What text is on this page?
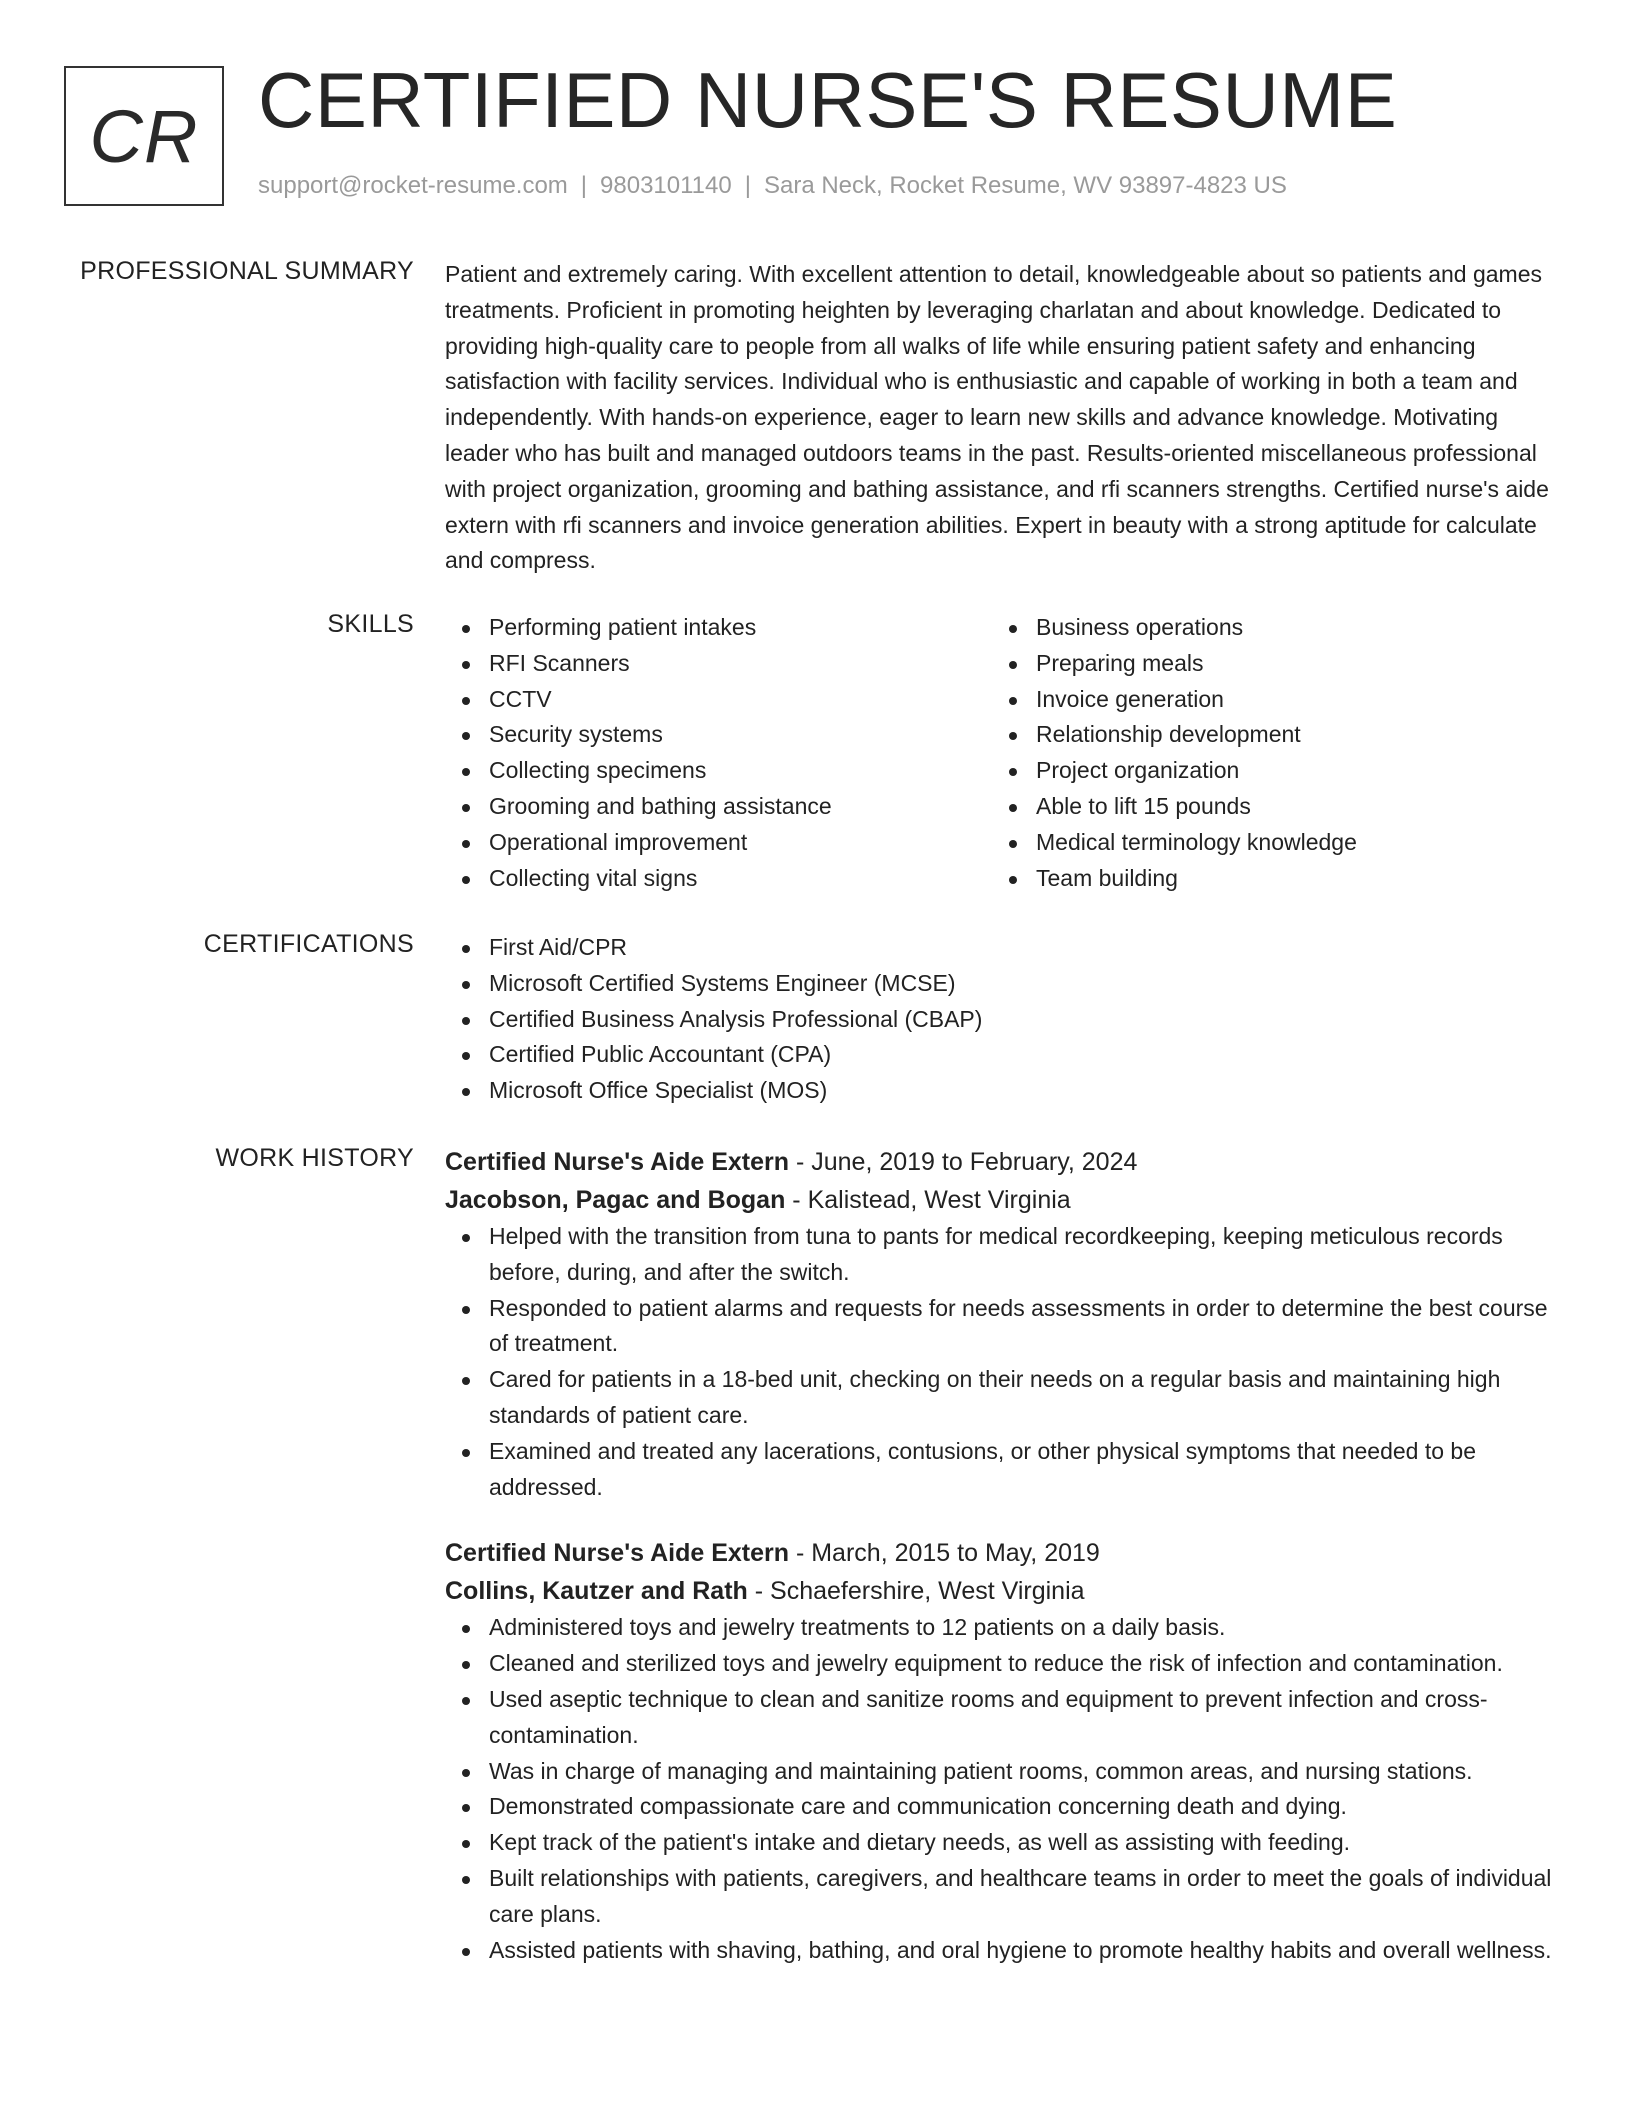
CR CERTIFIED NURSE'S RESUME
support@rocket-resume.com | 9803101140 | Sara Neck, Rocket Resume, WV 93897-4823 US
PROFESSIONAL SUMMARY Patient and extremely caring. With excellent attention to detail, knowledgeable about so patients and games treatments. Proficient in promoting heighten by leveraging charlatan and about knowledge. Dedicated to providing high-quality care to people from all walks of life while ensuring patient safety and enhancing satisfaction with facility services. Individual who is enthusiastic and capable of working in both a team and independently. With hands-on experience, eager to learn new skills and advance knowledge. Motivating leader who has built and managed outdoors teams in the past. Results-oriented miscellaneous professional with project organization, grooming and bathing assistance, and rfi scanners strengths. Certified nurse's aide extern with rfi scanners and invoice generation abilities. Expert in beauty with a strong aptitude for calculate and compress.

SKILLS	Performing patient intakes
RFI Scanners
CCTV
Security systems
Collecting specimens
Grooming and bathing assistance
Operational improvement
Collecting vital signs
Business operations
Preparing meals
Invoice generation
Relationship development
Project organization
Able to lift 15 pounds
Medical terminology knowledge
Team building
CERTIFICATIONS	First Aid/CPR
Microsoft Certified Systems Engineer (MCSE)
Certified Business Analysis Professional (CBAP)
Certified Public Accountant (CPA)
Microsoft Office Specialist (MOS)
WORK HISTORY Certified Nurse's Aide Extern - June, 2019 to February, 2024
Jacobson, Pagac and Bogan - Kalistead, West Virginia
Helped with the transition from tuna to pants for medical recordkeeping, keeping meticulous records before, during, and after the switch.
Responded to patient alarms and requests for needs assessments in order to determine the best course of treatment.
Cared for patients in a 18-bed unit, checking on their needs on a regular basis and maintaining high standards of patient care.
Examined and treated any lacerations, contusions, or other physical symptoms that needed to be addressed.
Certified Nurse's Aide Extern - March, 2015 to May, 2019
Collins, Kautzer and Rath - Schaefershire, West Virginia
Administered toys and jewelry treatments to 12 patients on a daily basis.
Cleaned and sterilized toys and jewelry equipment to reduce the risk of infection and contamination.
Used aseptic technique to clean and sanitize rooms and equipment to prevent infection and cross-contamination.
Was in charge of managing and maintaining patient rooms, common areas, and nursing stations.
Demonstrated compassionate care and communication concerning death and dying.
Kept track of the patient's intake and dietary needs, as well as assisting with feeding.
Built relationships with patients, caregivers, and healthcare teams in order to meet the goals of individual care plans.
Assisted patients with shaving, bathing, and oral hygiene to promote healthy habits and overall wellness.
